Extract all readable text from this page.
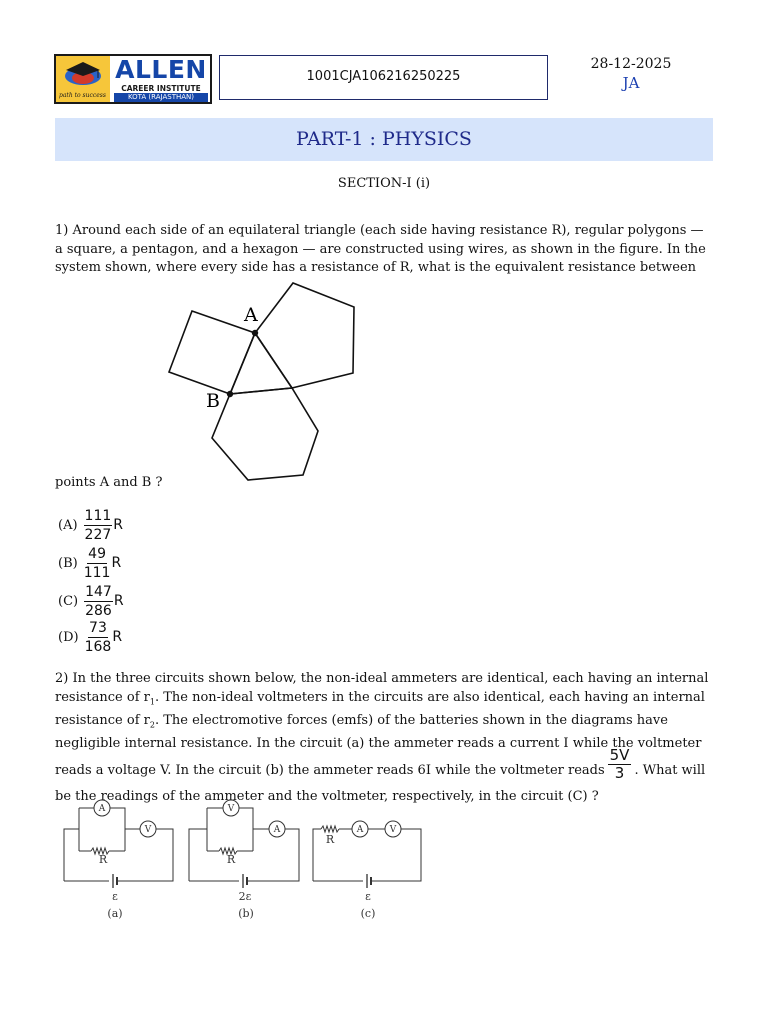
path to success
ALLEN
CAREER INSTITUTE
KOTA (RAJASTHAN)
1001CJA106216250225
28-12-2025
JA
PART-1 : PHYSICS
SECTION-I (i)
1) Around each side of an equilateral triangle (each side having resistance R), regular polygons — a square, a pentagon, and a hexagon — are constructed using wires, as shown in the figure. In the system shown, where every side has a resistance of R, what is the equivalent resistance between
A
B
points A and B ?
$(A) \frac{111}{227}$ R
$(B) \frac{49}{111}$ R
$(C) \frac{147}{286}$ R
$(D) \frac{73}{168}$ R
2) In the three circuits shown below, the non-ideal ammeters are identical, each having an internal resistance of $r_1$. The non-ideal voltmeters in the circuits are also identical, each having an internal resistance of $r_2$. The electromotive forces (emfs) of the batteries shown in the diagrams have negligible internal resistance. In the circuit (a) the ammeter reads a current I while the voltmeter reads a voltage V. In the circuit (b) the ammeter reads 6I while the voltmeter reads $\frac{5V}{3}$ . What will be the readings of the ammeter and the voltmeter, respectively, in the circuit (C) ?
A
V
R
ε
(a)
V
A
R
2ε
(b)
A	V
R
ε
(c)
